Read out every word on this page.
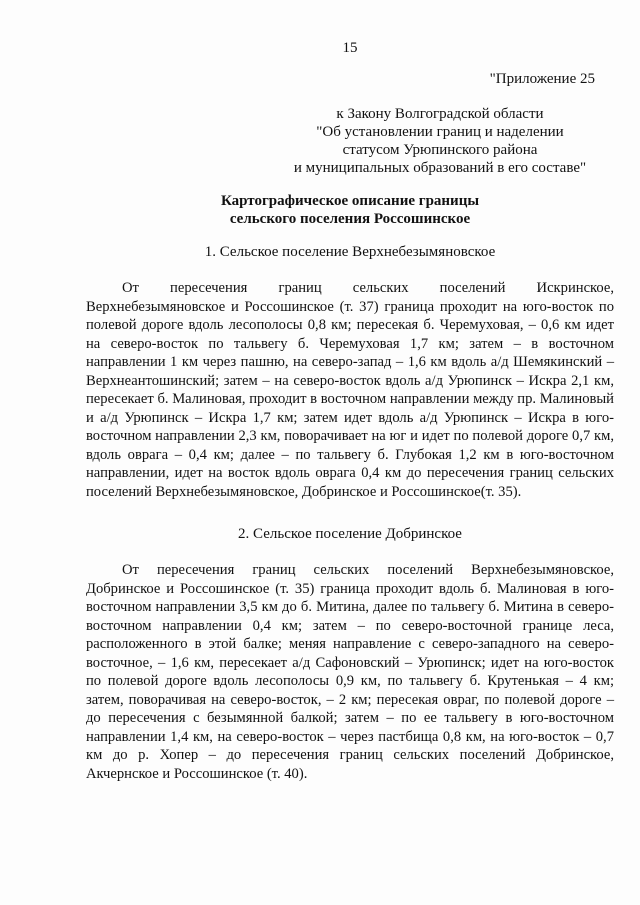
15
"Приложение 25
к Закону Волгоградской области
"Об установлении границ и наделении
статусом Урюпинского района
и муниципальных образований в его составе"
Картографическое описание границы
сельского поселения Россошинское
1. Сельское поселение Верхнебезымяновское
От пересечения границ сельских поселений Искринское, Верхнебезымяновское и Россошинское (т. 37) граница проходит на юго-восток по полевой дороге вдоль лесополосы 0,8 км; пересекая б. Черемуховая, – 0,6 км идет на северо-восток по тальвегу б. Черемуховая 1,7 км; затем – в восточном направлении 1 км через пашню, на северо-запад – 1,6 км вдоль а/д Шемякинский – Верхнеантошинский; затем – на северо-восток вдоль а/д Урюпинск – Искра 2,1 км, пересекает б. Малиновая, проходит в восточном направлении между пр. Малиновый и а/д Урюпинск – Искра 1,7 км; затем идет вдоль а/д Урюпинск – Искра в юго-восточном направлении 2,3 км, поворачивает на юг и идет по полевой дороге 0,7 км, вдоль оврага – 0,4 км; далее – по тальвегу б. Глубокая 1,2 км в юго-восточном направлении, идет на восток вдоль оврага 0,4 км до пересечения границ сельских поселений Верхнебезымяновское, Добринское и Россошинское(т. 35).
2. Сельское поселение Добринское
От пересечения границ сельских поселений Верхнебезымяновское, Добринское и Россошинское (т. 35) граница проходит вдоль б. Малиновая в юго-восточном направлении 3,5 км до б. Митина, далее по тальвегу б. Митина в северо-восточном направлении 0,4 км; затем – по северо-восточной границе леса, расположенного в этой балке; меняя направление с северо-западного на северо-восточное, – 1,6 км, пересекает а/д Сафоновский – Урюпинск; идет на юго-восток по полевой дороге вдоль лесополосы 0,9 км, по тальвегу б. Крутенькая – 4 км; затем, поворачивая на северо-восток, – 2 км; пересекая овраг, по полевой дороге – до пересечения с безымянной балкой; затем – по ее тальвегу в юго-восточном направлении 1,4 км, на северо-восток – через пастбища 0,8 км, на юго-восток – 0,7 км до р. Хопер – до пересечения границ сельских поселений Добринское, Акчернское и Россошинское (т. 40).
